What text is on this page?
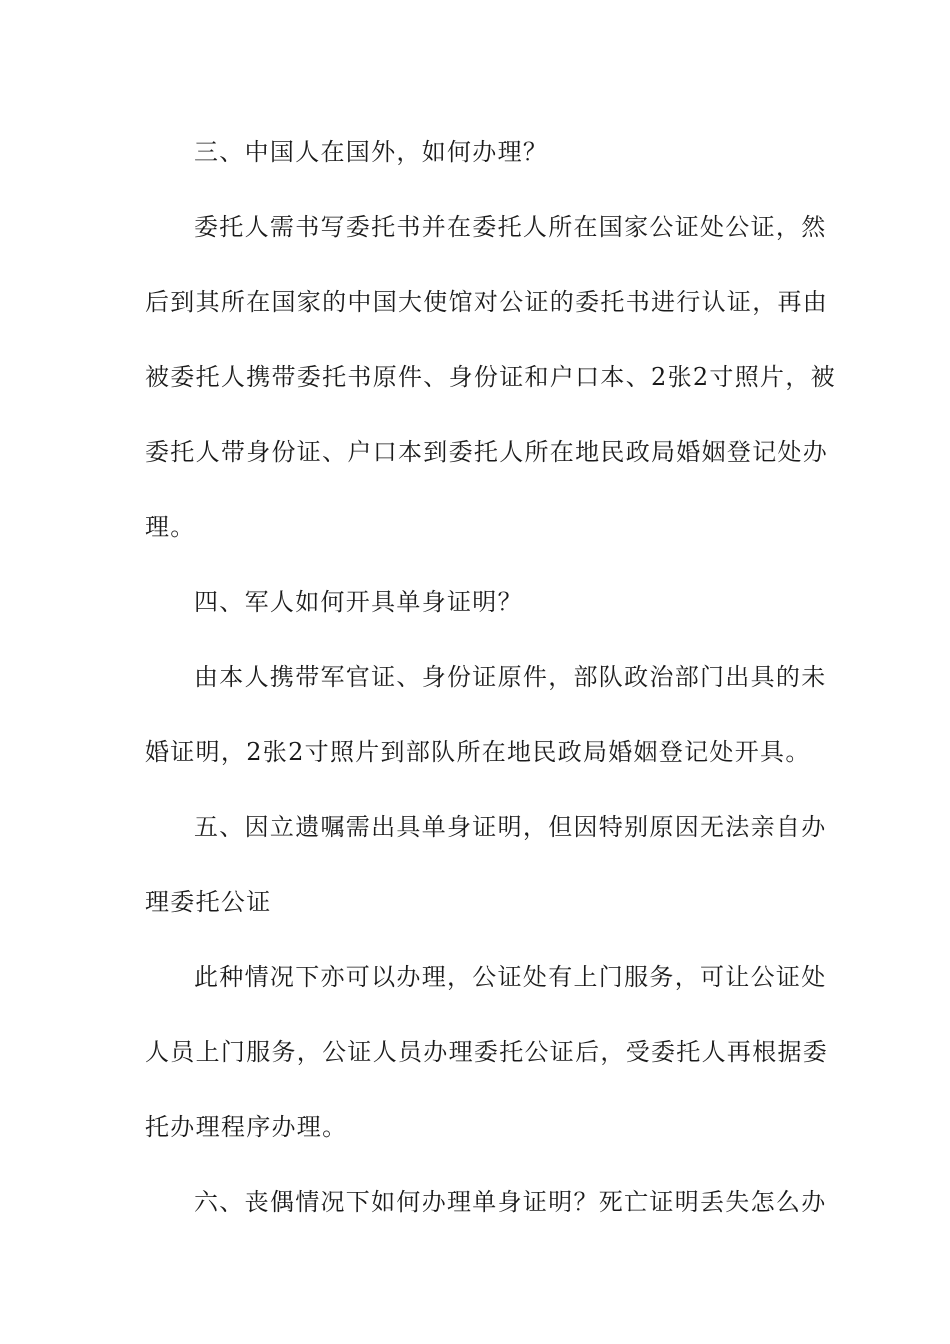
三、中国人在国外，如何办理？
委托人需书写委托书并在委托人所在国家公证处公证，然
后到其所在国家的中国大使馆对公证的委托书进行认证，再由
被委托人携带委托书原件、身份证和户口本、2张2寸照片，被
委托人带身份证、户口本到委托人所在地民政局婚姻登记处办
理。
四、军人如何开具单身证明？
由本人携带军官证、身份证原件，部队政治部门出具的未
婚证明，2张2寸照片到部队所在地民政局婚姻登记处开具。
五、因立遗嘱需出具单身证明，但因特别原因无法亲自办
理委托公证
此种情况下亦可以办理，公证处有上门服务，可让公证处
人员上门服务，公证人员办理委托公证后，受委托人再根据委
托办理程序办理。
六、丧偶情况下如何办理单身证明？死亡证明丢失怎么办
